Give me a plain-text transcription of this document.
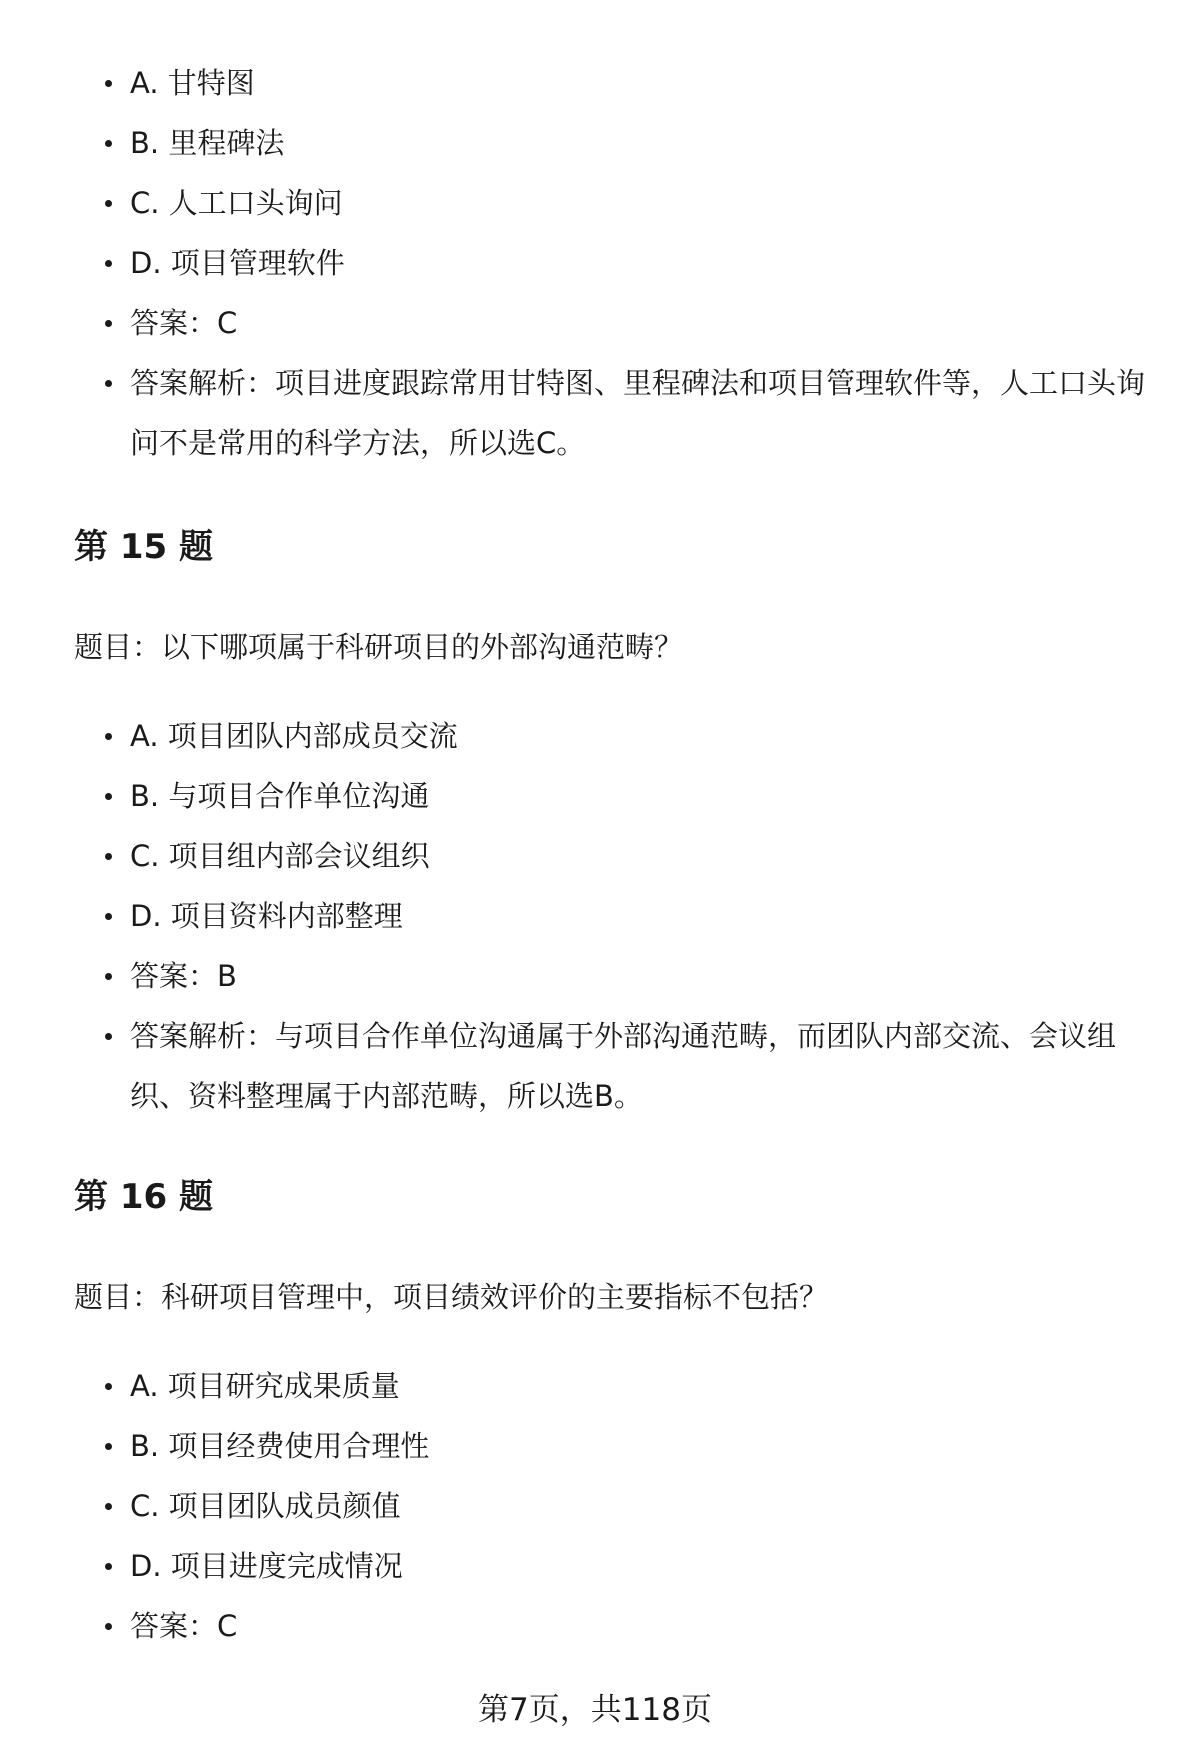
A. 甘特图
B. 里程碑法
C. 人工口头询问
D. 项目管理软件
答案：C
答案解析：项目进度跟踪常用甘特图、里程碑法和项目管理软件等，人工口头询问不是常用的科学方法，所以选C。
第 15 题

题目：以下哪项属于科研项目的外部沟通范畴？

A. 项目团队内部成员交流
B. 与项目合作单位沟通
C. 项目组内部会议组织
D. 项目资料内部整理
答案：B
答案解析：与项目合作单位沟通属于外部沟通范畴，而团队内部交流、会议组织、资料整理属于内部范畴，所以选B。
第 16 题

题目：科研项目管理中，项目绩效评价的主要指标不包括？

A. 项目研究成果质量
B. 项目经费使用合理性
C. 项目团队成员颜值
D. 项目进度完成情况
答案：C
第7页，共118页
